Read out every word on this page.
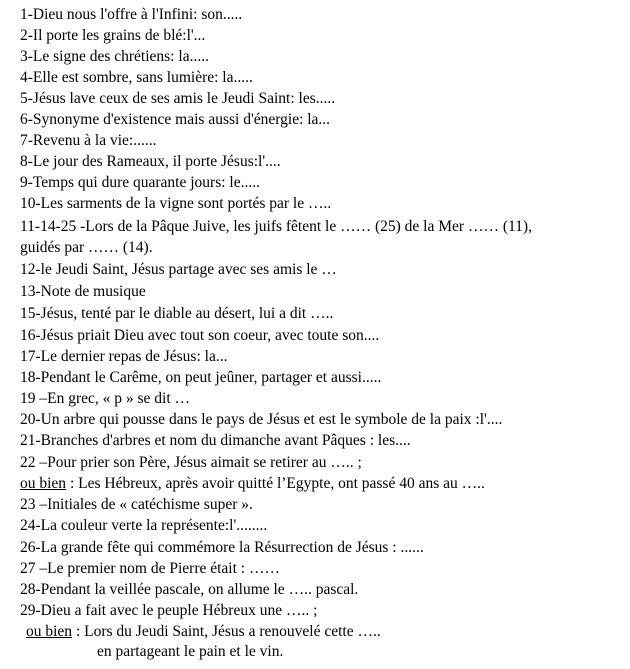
1-Dieu nous l'offre à l'Infini: son.....
2-Il porte les grains de blé:l'...
3-Le signe des chrétiens: la.....
4-Elle est sombre, sans lumière: la.....
5-Jésus lave ceux de ses amis le Jeudi Saint: les.....
6-Synonyme d'existence mais aussi d'énergie: la...
7-Revenu à la vie:......
8-Le jour des Rameaux, il porte Jésus:l'....
9-Temps qui dure quarante jours: le.....
10-Les sarments de la vigne sont portés par le …..
11-14-25 -Lors de la Pâque Juive, les juifs fêtent le …… (25) de la Mer …… (11),
guidés par …… (14).
12-le Jeudi Saint, Jésus partage avec ses amis le …
13-Note de musique
15-Jésus, tenté par le diable au désert, lui a dit …..
16-Jésus priait Dieu avec tout son coeur, avec toute son....
17-Le dernier repas de Jésus: la...
18-Pendant le Carême, on peut jeûner, partager et aussi.....
19 –En grec, « p » se dit …
20-Un arbre qui pousse dans le pays de Jésus et est le symbole de la paix :l'....
21-Branches d'arbres et nom du dimanche avant Pâques : les....
22 –Pour prier son Père, Jésus aimait se retirer au ….. ;
ou bien : Les Hébreux, après avoir quitté l’Egypte, ont passé 40 ans au …..
23 –Initiales de « catéchisme super ».
24-La couleur verte la représente:l'........
26-La grande fête qui commémore la Résurrection de Jésus : ......
27 –Le premier nom de Pierre était : ……
28-Pendant la veillée pascale, on allume le ….. pascal.
29-Dieu a fait avec le peuple Hébreux une ….. ;
ou bien : Lors du Jeudi Saint, Jésus a renouvelé cette …..
en partageant le pain et le vin.
